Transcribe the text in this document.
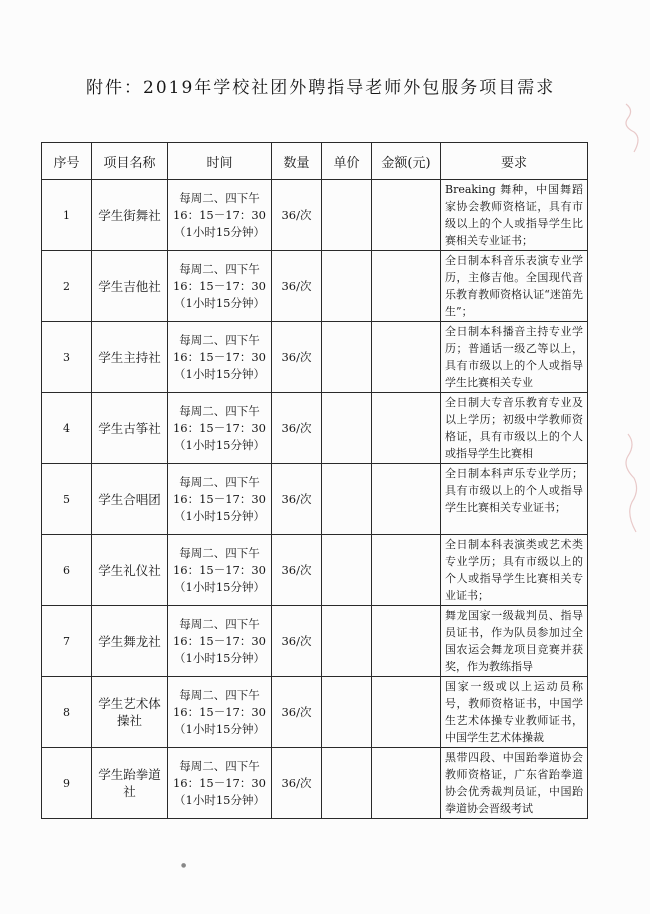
附件：2019年学校社团外聘指导老师外包服务项目需求
序号	项目名称	时间	数量	单价	金额(元)	要求
1	学生街舞社	每周二、四下午
16：15－17：30
（1小时15分钟）	36/次			Breaking 舞种，中国舞蹈家协会教师资格证，具有市级以上的个人或指导学生比赛相关专业证书；

2	学生吉他社	每周二、四下午
16：15－17：30
（1小时15分钟）	36/次			全日制本科音乐表演专业学历，主修吉他。全国现代音乐教育教师资格认证“迷笛先生”；

3	学生主持社	每周二、四下午
16：15－17：30
（1小时15分钟）	36/次			全日制本科播音主持专业学历；普通话一级乙等以上，具有市级以上的个人或指导学生比赛相关专业

4	学生古筝社	每周二、四下午
16：15－17：30
（1小时15分钟）	36/次			全日制大专音乐教育专业及以上学历；初级中学教师资格证，具有市级以上的个人或指导学生比赛相

5	学生合唱团	每周二、四下午
16：15－17：30
（1小时15分钟）	36/次			全日制本科声乐专业学历；具有市级以上的个人或指导学生比赛相关专业证书；

6	学生礼仪社	每周二、四下午
16：15－17：30
（1小时15分钟）	36/次			全日制本科表演类或艺术类专业学历；具有市级以上的个人或指导学生比赛相关专业证书；

7	学生舞龙社	每周二、四下午
16：15－17：30
（1小时15分钟）	36/次			舞龙国家一级裁判员、指导员证书，作为队员参加过全国农运会舞龙项目竞赛并获奖，作为教练指导

8	学生艺术体操社	每周二、四下午
16：15－17：30
（1小时15分钟）	36/次			国家一级或以上运动员称号，教师资格证书，中国学生艺术体操专业教师证书，中国学生艺术体操裁

9	学生跆拳道社	每周二、四下午
16：15－17：30
（1小时15分钟）	36/次			黑带四段、中国跆拳道协会教师资格证，广东省跆拳道协会优秀裁判员证，中国跆拳道协会晋级考试
●
